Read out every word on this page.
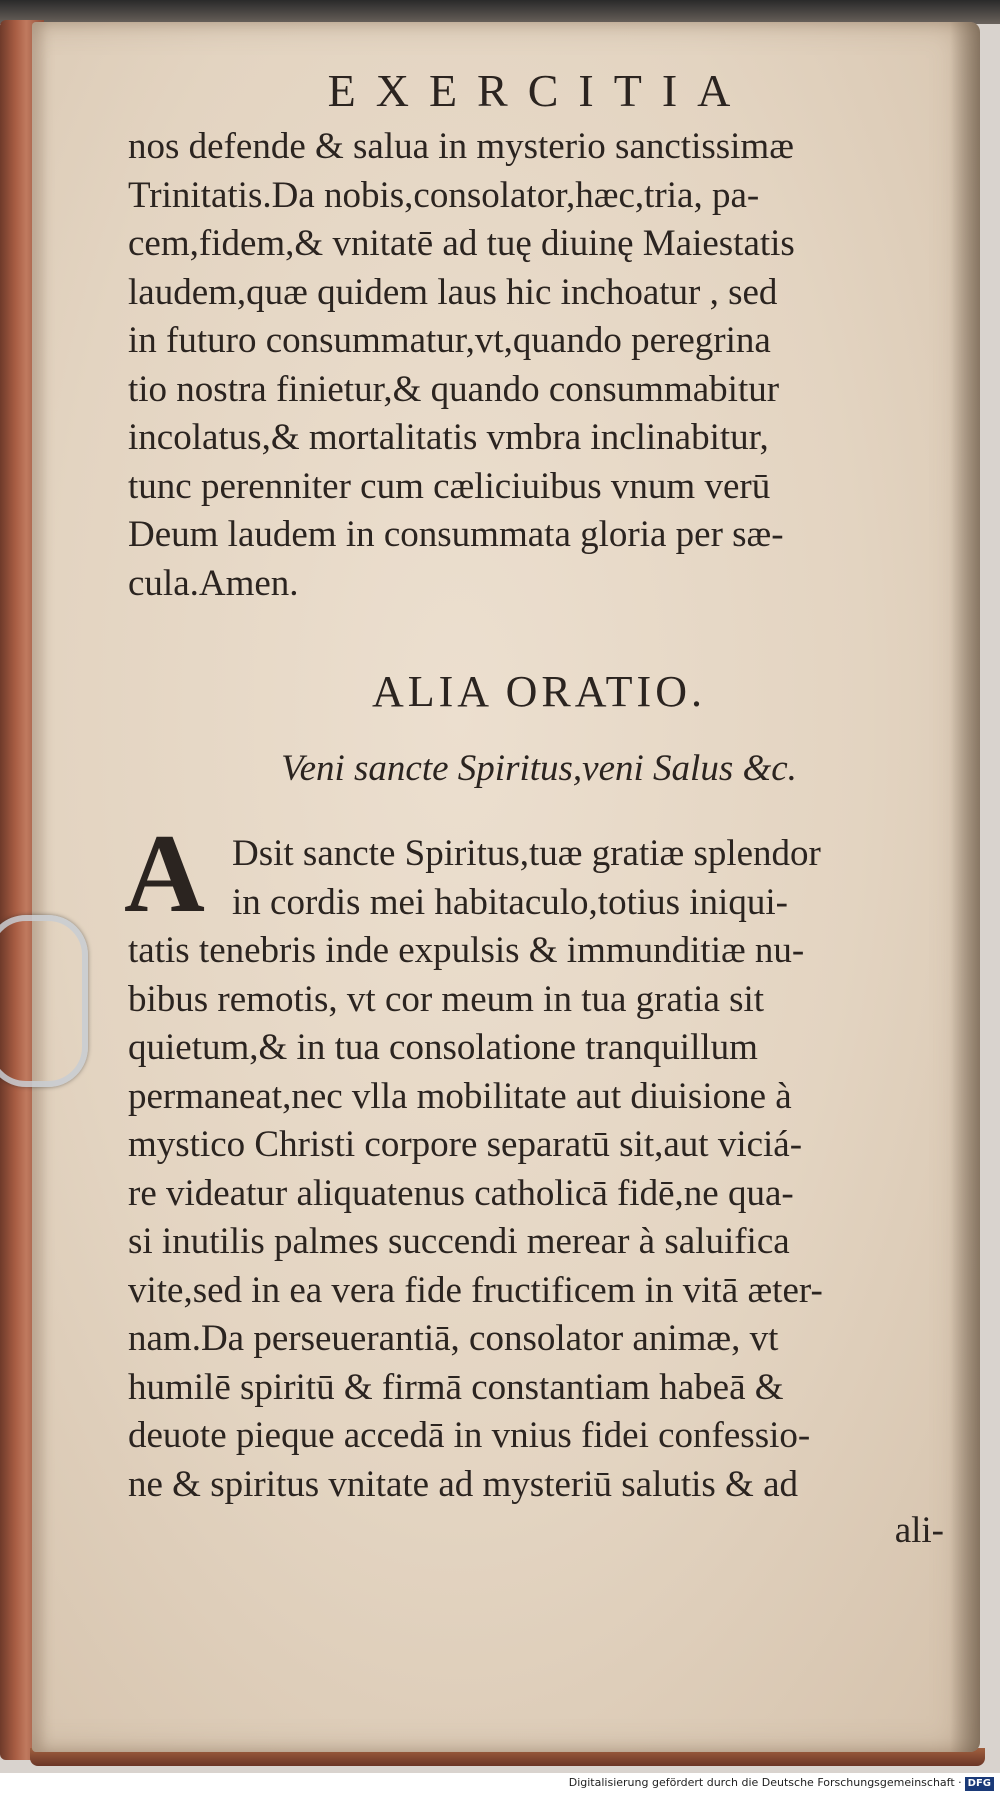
EXERCITIA
nos defende & salua in mysterio sanctissimæ
Trinitatis.Da nobis,consolator,hæc,tria, pa-
cem,fidem,& vnitatē ad tuę diuinę Maiestatis
laudem,quæ quidem laus hic inchoatur , sed
in futuro consummatur,vt,quando peregrina
tio nostra finietur,& quando consummabitur
incolatus,& mortalitatis vmbra inclinabitur,
tunc perenniter cum cæliciuibus vnum verū
Deum laudem in consummata gloria per sæ-
cula.Amen.
ALIA ORATIO.
Veni sancte Spiritus,veni Salus &c.
A Dsit sancte Spiritus,tuæ gratiæ splendor
in cordis mei habitaculo,totius iniqui-
tatis tenebris inde expulsis & immunditiæ nu-
bibus remotis, vt cor meum in tua gratia sit
quietum,& in tua consolatione tranquillum
permaneat,nec vlla mobilitate aut diuisione à
mystico Christi corpore separatū sit,aut viciá-
re videatur aliquatenus catholicā fidē,ne qua-
si inutilis palmes succendi merear à saluifica
vite,sed in ea vera fide fructificem in vitā æter-
nam.Da perseuerantiā, consolator animæ, vt
humilē spiritū & firmā constantiam habeā &
deuote pieque accedā in vnius fidei confessio-
ne & spiritus vnitate ad mysteriū salutis & ad
ali-
Digitalisierung gefördert durch die Deutsche Forschungsgemeinschaft · DFG
